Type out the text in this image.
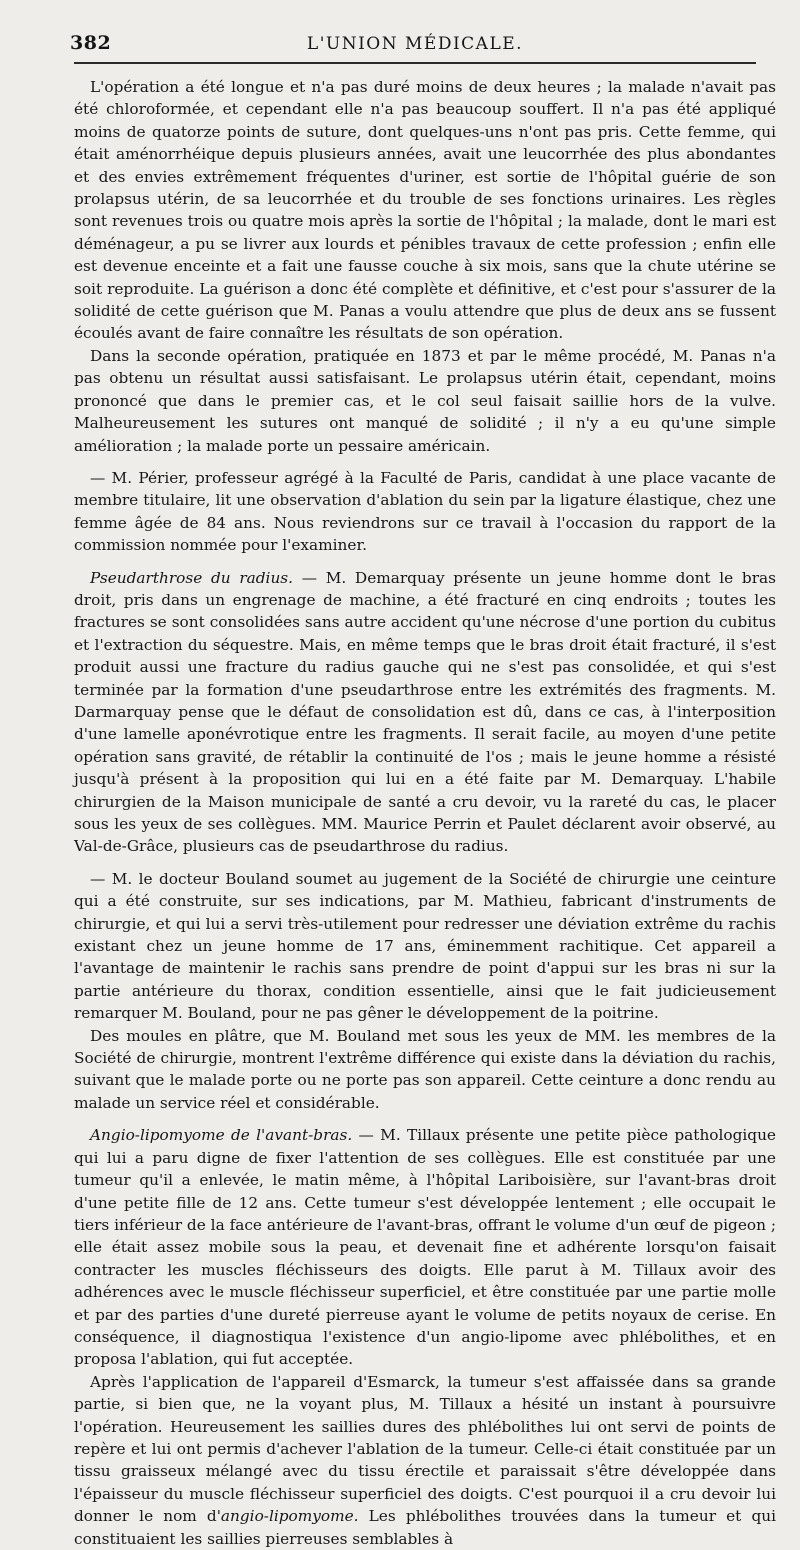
382	L'UNION MÉDICALE.

L'opération a été longue et n'a pas duré moins de deux heures ; la malade n'avait pas été chloroformée, et cependant elle n'a pas beaucoup souffert. Il n'a pas été appliqué moins de quatorze points de suture, dont quelques-uns n'ont pas pris. Cette femme, qui était aménorrhéique depuis plusieurs années, avait une leucorrhée des plus abondantes et des envies extrêmement fréquentes d'uriner, est sortie de l'hôpital guérie de son prolapsus utérin, de sa leucorrhée et du trouble de ses fonctions urinaires. Les règles sont revenues trois ou quatre mois après la sortie de l'hôpital ; la malade, dont le mari est déménageur, a pu se livrer aux lourds et pénibles travaux de cette profession ; enfin elle est devenue enceinte et a fait une fausse couche à six mois, sans que la chute utérine se soit reproduite. La guérison a donc été complète et définitive, et c'est pour s'assurer de la solidité de cette guérison que M. Panas a voulu attendre que plus de deux ans se fussent écoulés avant de faire connaître les résultats de son opération.

Dans la seconde opération, pratiquée en 1873 et par le même procédé, M. Panas n'a pas obtenu un résultat aussi satisfaisant. Le prolapsus utérin était, cependant, moins prononcé que dans le premier cas, et le col seul faisait saillie hors de la vulve. Malheureusement les sutures ont manqué de solidité ; il n'y a eu qu'une simple amélioration ; la malade porte un pessaire américain.

— M. Périer, professeur agrégé à la Faculté de Paris, candidat à une place vacante de membre titulaire, lit une observation d'ablation du sein par la ligature élastique, chez une femme âgée de 84 ans. Nous reviendrons sur ce travail à l'occasion du rapport de la commission nommée pour l'examiner.

Pseudarthrose du radius. — M. Demarquay présente un jeune homme dont le bras droit, pris dans un engrenage de machine, a été fracturé en cinq endroits ; toutes les fractures se sont consolidées sans autre accident qu'une nécrose d'une portion du cubitus et l'extraction du séquestre. Mais, en même temps que le bras droit était fracturé, il s'est produit aussi une fracture du radius gauche qui ne s'est pas consolidée, et qui s'est terminée par la formation d'une pseudarthrose entre les extrémités des fragments. M. Darmarquay pense que le défaut de consolidation est dû, dans ce cas, à l'interposition d'une lamelle aponévrotique entre les fragments. Il serait facile, au moyen d'une petite opération sans gravité, de rétablir la continuité de l'os ; mais le jeune homme a résisté jusqu'à présent à la proposition qui lui en a été faite par M. Demarquay. L'habile chirurgien de la Maison municipale de santé a cru devoir, vu la rareté du cas, le placer sous les yeux de ses collègues. MM. Maurice Perrin et Paulet déclarent avoir observé, au Val-de-Grâce, plusieurs cas de pseudarthrose du radius.

— M. le docteur Bouland soumet au jugement de la Société de chirurgie une ceinture qui a été construite, sur ses indications, par M. Mathieu, fabricant d'instruments de chirurgie, et qui lui a servi très-utilement pour redresser une déviation extrême du rachis existant chez un jeune homme de 17 ans, éminemment rachitique. Cet appareil a l'avantage de maintenir le rachis sans prendre de point d'appui sur les bras ni sur la partie antérieure du thorax, condition essentielle, ainsi que le fait judicieusement remarquer M. Bouland, pour ne pas gêner le développement de la poitrine.

Des moules en plâtre, que M. Bouland met sous les yeux de MM. les membres de la Société de chirurgie, montrent l'extrême différence qui existe dans la déviation du rachis, suivant que le malade porte ou ne porte pas son appareil. Cette ceinture a donc rendu au malade un service réel et considérable.

Angio-lipomyome de l'avant-bras. — M. Tillaux présente une petite pièce pathologique qui lui a paru digne de fixer l'attention de ses collègues. Elle est constituée par une tumeur qu'il a enlevée, le matin même, à l'hôpital Lariboisière, sur l'avant-bras droit d'une petite fille de 12 ans. Cette tumeur s'est développée lentement ; elle occupait le tiers inférieur de la face antérieure de l'avant-bras, offrant le volume d'un œuf de pigeon ; elle était assez mobile sous la peau, et devenait fine et adhérente lorsqu'on faisait contracter les muscles fléchisseurs des doigts. Elle parut à M. Tillaux avoir des adhérences avec le muscle fléchisseur superficiel, et être constituée par une partie molle et par des parties d'une dureté pierreuse ayant le volume de petits noyaux de cerise. En conséquence, il diagnostiqua l'existence d'un angio-lipome avec phlébolithes, et en proposa l'ablation, qui fut acceptée.

Après l'application de l'appareil d'Esmarck, la tumeur s'est affaissée dans sa grande partie, si bien que, ne la voyant plus, M. Tillaux a hésité un instant à poursuivre l'opération. Heureusement les saillies dures des phlébolithes lui ont servi de points de repère et lui ont permis d'achever l'ablation de la tumeur. Celle-ci était constituée par un tissu graisseux mélangé avec du tissu érectile et paraissait s'être développée dans l'épaisseur du muscle fléchisseur superficiel des doigts. C'est pourquoi il a cru devoir lui donner le nom d'angio-lipomyome. Les phlébolithes trouvées dans la tumeur et qui constituaient les saillies pierreuses semblables à
